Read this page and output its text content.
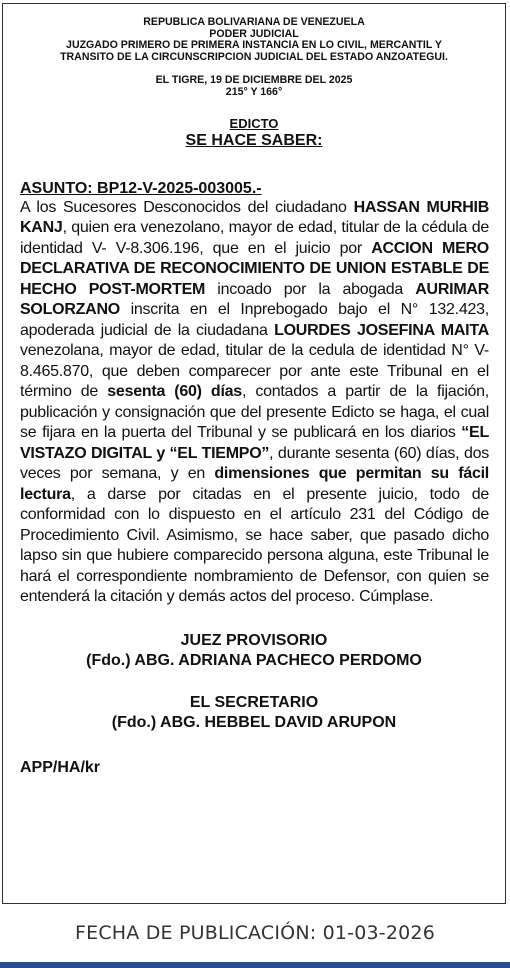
REPUBLICA BOLIVARIANA DE VENEZUELA
PODER JUDICIAL
JUZGADO PRIMERO DE PRIMERA INSTANCIA EN LO CIVIL, MERCANTIL Y
TRANSITO DE LA CIRCUNSCRIPCION JUDICIAL DEL ESTADO ANZOATEGUI.
EL TIGRE, 19 DE DICIEMBRE DEL 2025
215° Y 166°
EDICTO
SE HACE SABER:
ASUNTO: BP12-V-2025-003005.-
A los Sucesores Desconocidos del ciudadano HASSAN MURHIB KANJ, quien era venezolano, mayor de edad, titular de la cédula de identidad V- V-8.306.196, que en el juicio por ACCION MERO DECLARATIVA DE RECONOCIMIENTO DE UNION ESTABLE DE HECHO POST-MORTEM incoado por la abogada AURIMAR SOLORZANO inscrita en el Inprebogado bajo el N° 132.423, apoderada judicial de la ciudadana LOURDES JOSEFINA MAITA venezolana, mayor de edad, titular de la cedula de identidad N° V-8.465.870, que deben comparecer por ante este Tribunal en el término de sesenta (60) días, contados a partir de la fijación, publicación y consignación que del presente Edicto se haga, el cual se fijara en la puerta del Tribunal y se publicará en los diarios “EL VISTAZO DIGITAL y “EL TIEMPO”, durante sesenta (60) días, dos veces por semana, y en dimensiones que permitan su fácil lectura, a darse por citadas en el presente juicio, todo de conformidad con lo dispuesto en el artículo 231 del Código de Procedimiento Civil. Asimismo, se hace saber, que pasado dicho lapso sin que hubiere comparecido persona alguna, este Tribunal le hará el correspondiente nombramiento de Defensor, con quien se entenderá la citación y demás actos del proceso. Cúmplase.
JUEZ PROVISORIO
(Fdo.) ABG. ADRIANA PACHECO PERDOMO
EL SECRETARIO
(Fdo.) ABG. HEBBEL DAVID ARUPON
APP/HA/kr
FECHA DE PUBLICACIÓN: 01-03-2026
